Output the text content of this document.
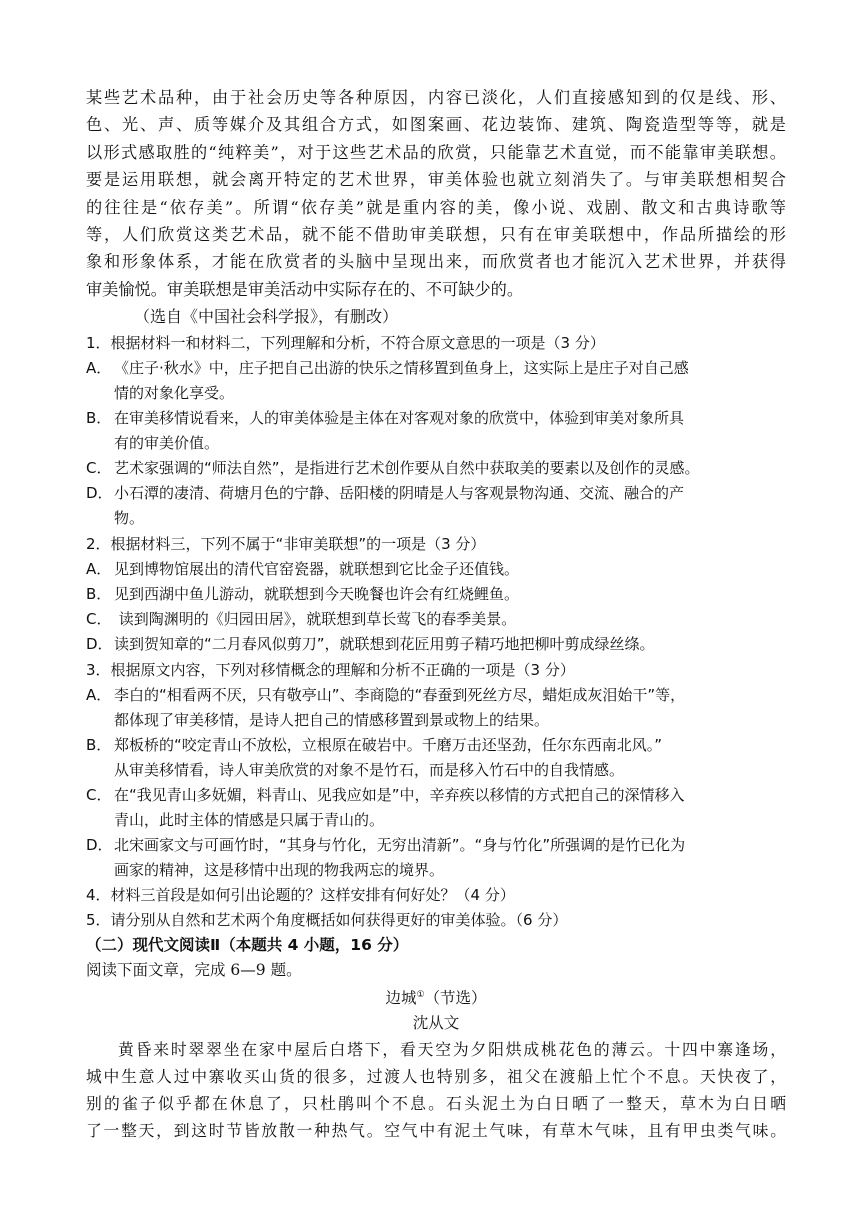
某些艺术品种，由于社会历史等各种原因，内容已淡化，人们直接感知到的仅是线、形、

色、光、声、质等媒介及其组合方式，如图案画、花边装饰、建筑、陶瓷造型等等，就是

以形式感取胜的“纯粹美”，对于这些艺术品的欣赏，只能靠艺术直觉，而不能靠审美联想。

要是运用联想，就会离开特定的艺术世界，审美体验也就立刻消失了。与审美联想相契合

的往往是“依存美”。所谓“依存美”就是重内容的美，像小说、戏剧、散文和古典诗歌等

等，人们欣赏这类艺术品，就不能不借助审美联想，只有在审美联想中，作品所描绘的形

象和形象体系，才能在欣赏者的头脑中呈现出来，而欣赏者也才能沉入艺术世界，并获得

审美愉悦。审美联想是审美活动中实际存在的、不可缺少的。

（选自《中国社会科学报》，有删改）

1．根据材料一和材料二，下列理解和分析，不符合原文意思的一项是（3 分）

A． 《庄子·秋水》中，庄子把自己出游的快乐之情移置到鱼身上，这实际上是庄子对自己感
情的对象化享受。

B． 在审美移情说看来，人的审美体验是主体在对客观对象的欣赏中，体验到审美对象所具
有的审美价值。

C． 艺术家强调的“师法自然”，是指进行艺术创作要从自然中获取美的要素以及创作的灵感。

D．小石潭的凄清、荷塘月色的宁静、岳阳楼的阴晴是人与客观景物沟通、交流、融合的产
物。

2．根据材料三，下列不属于“非审美联想”的一项是（3 分）

A． 见到博物馆展出的清代官窑瓷器，就联想到它比金子还值钱。

B． 见到西湖中鱼儿游动，就联想到今天晚餐也许会有红烧鲤鱼。

C． 读到陶渊明的《归园田居》，就联想到草长莺飞的春季美景。

D．读到贺知章的“二月春风似剪刀”，就联想到花匠用剪子精巧地把柳叶剪成绿丝绦。

3．根据原文内容，下列对移情概念的理解和分析不正确的一项是（3 分）

A． 李白的“相看两不厌，只有敬亭山”、李商隐的“春蚕到死丝方尽，蜡炬成灰泪始干”等，
都体现了审美移情，是诗人把自己的情感移置到景或物上的结果。

B． 郑板桥的“咬定青山不放松，立根原在破岩中。千磨万击还坚劲，任尔东西南北风。”
从审美移情看，诗人审美欣赏的对象不是竹石，而是移入竹石中的自我情感。

C． 在“我见青山多妩媚，料青山、见我应如是”中，辛弃疾以移情的方式把自己的深情移入
青山，此时主体的情感是只属于青山的。

D．北宋画家文与可画竹时，“其身与竹化，无穷出清新”。“身与竹化”所强调的是竹已化为
画家的精神，这是移情中出现的物我两忘的境界。

4．材料三首段是如何引出论题的？这样安排有何好处？（4 分）

5．请分别从自然和艺术两个角度概括如何获得更好的审美体验。（6 分）

（二）现代文阅读Ⅱ（本题共 4 小题，16 分）

阅读下面文章，完成 6—9 题。

边城①（节选）

沈从文

黄昏来时翠翠坐在家中屋后白塔下，看天空为夕阳烘成桃花色的薄云。十四中寨逢场，

城中生意人过中寨收买山货的很多，过渡人也特别多，祖父在渡船上忙个不息。天快夜了，

别的雀子似乎都在休息了，只杜鹃叫个不息。石头泥土为白日晒了一整天，草木为白日晒

了一整天，到这时节皆放散一种热气。空气中有泥土气味，有草木气味，且有甲虫类气味。
